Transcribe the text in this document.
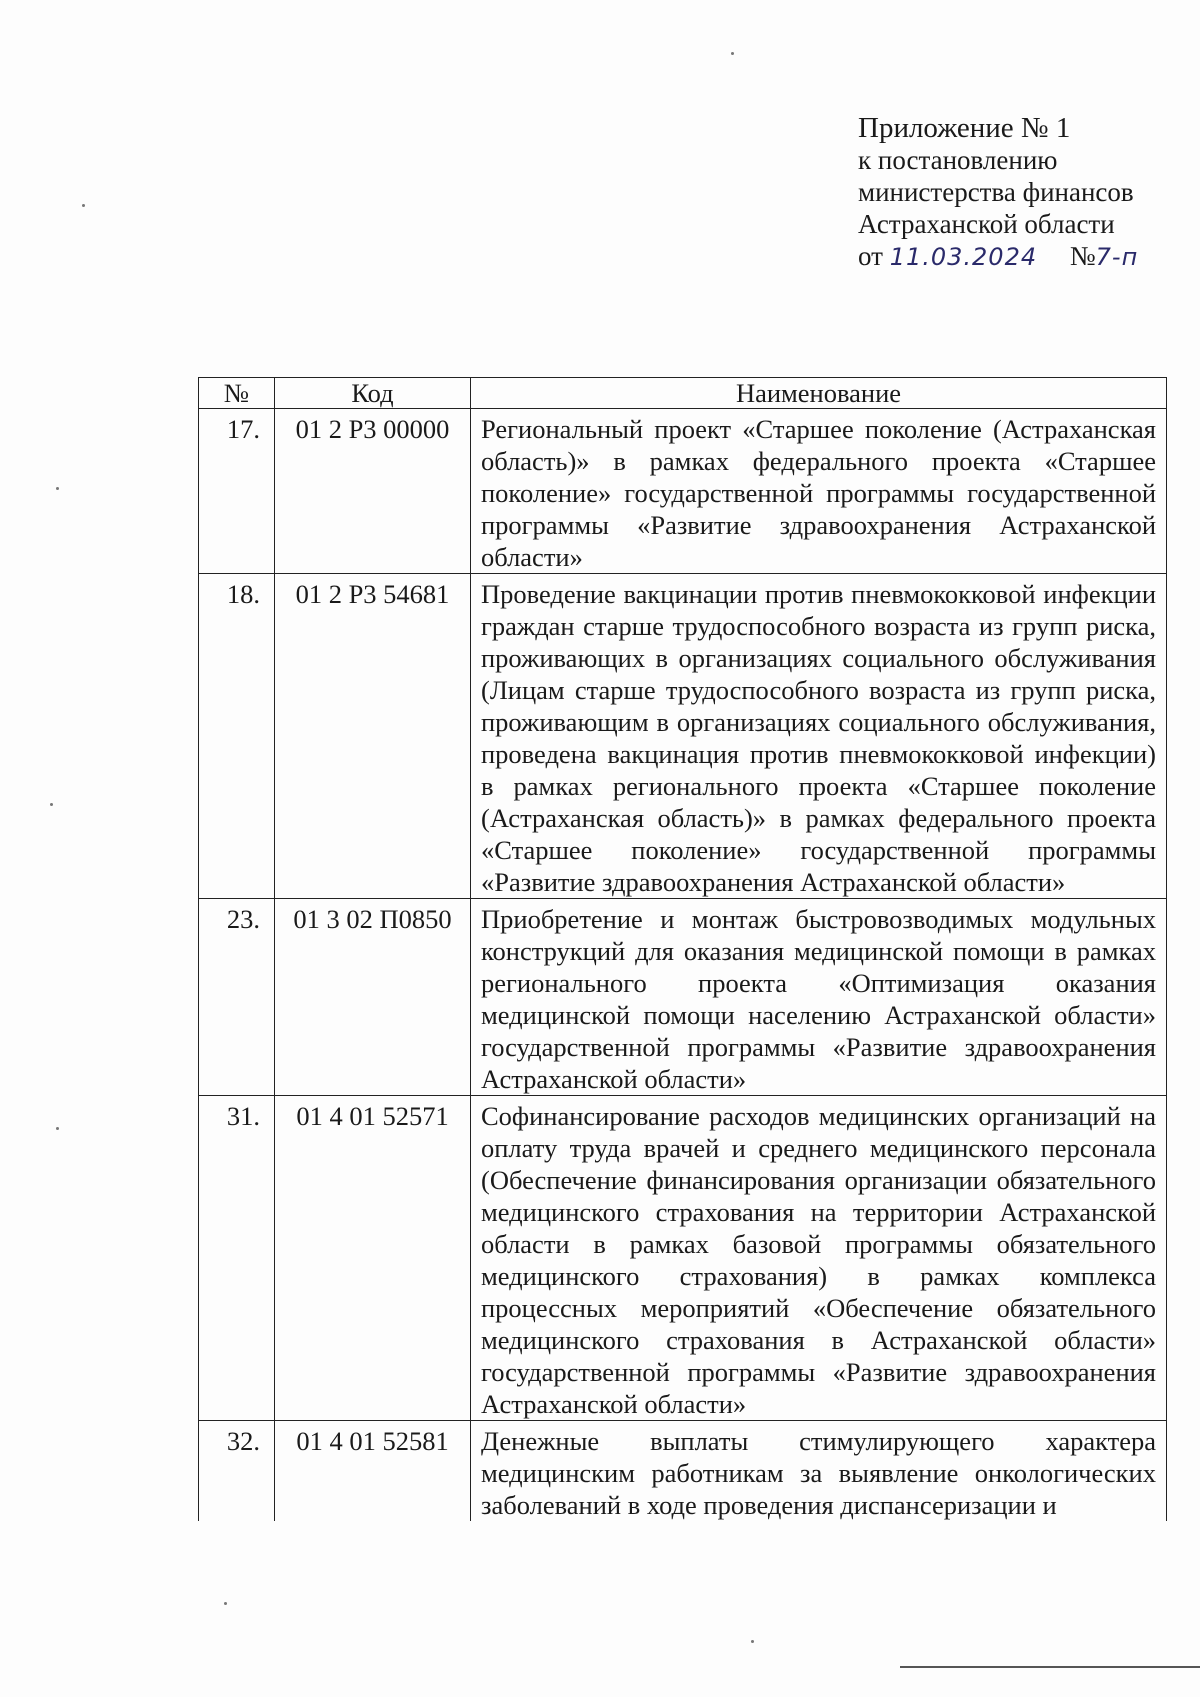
Приложение № 1
к постановлению
министерства финансов
Астраханской области
от 11.03.2024 №7-п
№	Код	Наименование
17.	01 2 Р3 00000	Региональный проект «Старшее поколение (Астраханская область)» в рамках федерального проекта «Старшее поколение» государственной программы государственной программы «Развитие здравоохранения Астраханской области»
18.	01 2 Р3 54681	Проведение вакцинации против пневмококковой инфекции граждан старше трудоспособного возраста из групп риска, проживающих в организациях социального обслуживания (Лицам старше трудоспособного возраста из групп риска, проживающим в организациях социального обслуживания, проведена вакцинация против пневмококковой инфекции) в рамках регионального проекта «Старшее поколение (Астраханская область)» в рамках федерального проекта «Старшее поколение» государственной программы «Развитие здравоохранения Астраханской области»
23.	01 3 02 П0850	Приобретение и монтаж быстровозводимых модульных конструкций для оказания медицинской помощи в рамках регионального проекта «Оптимизация оказания медицинской помощи населению Астраханской области» государственной программы «Развитие здравоохранения Астраханской области»
31.	01 4 01 52571	Софинансирование расходов медицинских организаций на оплату труда врачей и среднего медицинского персонала (Обеспечение финансирования организации обязательного медицинского страхования на территории Астраханской области в рамках базовой программы обязательного медицинского страхования) в рамках комплекса процессных мероприятий «Обеспечение обязательного медицинского страхования в Астраханской области» государственной программы «Развитие здравоохранения Астраханской области»
32.	01 4 01 52581	Денежные выплаты стимулирующего характера медицинским работникам за выявление онкологических заболеваний в ходе проведения диспансеризации и
